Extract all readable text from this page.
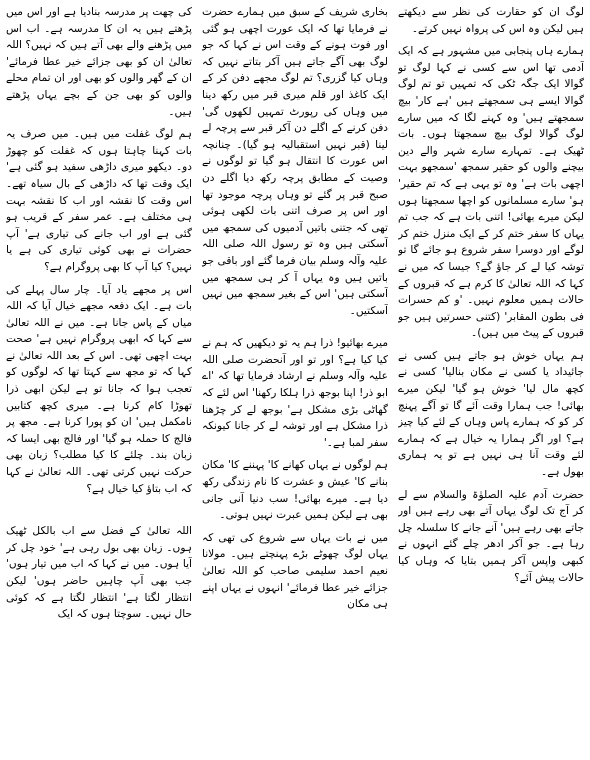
لوگ ان کو حقارت کی نظر سے دیکھتے ہیں لیکن وہ اس کی پرواہ نہیں کرتے۔

ہمارے ہاں پنجابی میں مشہور ہے کہ ایک آدمی تھا اس سے کسی نے کہا لوگ تو گوالا ایک جگہ ٹکی کہ تمہیں تو تم لوگ گوالا ایسے ہی سمجھتے ہیں 'ہے کار' بیچ سمجھتے ہیں' وہ کہنے لگا کہ میں سارے لوگ گوالا لوگ بیچ سمجھتا ہوں۔ بات ٹھیک ہے۔ تمہارے سارے شہر والے دین بیچنے والوں کو حقیر سمجھ 'سمجھو بہت اچھی بات ہے' وہ تو یہی ہے کہ تم حقیر' ہو' سارے مسلمانوں کو اچھا سمجھتا ہوں لیکن میرے بھائی! اتنی بات ہے کہ جب تم یہاں کا سفر ختم کر کے ایک منزل ختم کر لوگے اور دوسرا سفر شروع ہو جائے گا تو توشہ کیا لے کر جاؤ گے؟ جیسا کہ میں نے کہا کہ اللہ تعالیٰ کا کرم ہے کہ قبروں کے حالات ہمیں معلوم نہیں۔ 'و کم حسرات فی بطون المقابر' (کتنی حسرتیں ہیں جو قبروں کے پیٹ میں ہیں)۔

ہم یہاں خوش ہو جاتے ہیں کسی نے جائیداد یا کسی نے مکان بنالیا' کسی نے کچھ مال لیا' خوش ہو گیا' لیکن میرے بھائی! جب ہمارا وقت آئے گا تو آگے پہنچ کر کو کہ ہمارے پاس وہاں کے لئے کیا چیز ہے؟ اور اگر ہمارا یہ خیال ہے کہ ہمارے لئے وقت آنا ہی نہیں ہے تو یہ ہماری بھول ہے۔

حضرت آدم علیہ الصلوٰۃ والسلام سے لے کر آج تک لوگ یہاں آتے بھی رہے ہیں اور جاتے بھی رہے ہیں' آنے جانے کا سلسلہ چل رہا ہے۔ جو آکر ادھر چلے گئے انہوں نے کبھی واپس آکر ہمیں بتایا کہ وہاں کیا حالات پیش آئے؟

بخاری شریف کے سبق میں ہمارے حضرت نے فرمایا تھا کہ ایک عورت اچھی ہو گئی اور فوت ہونے کے وقت اس نے کہا کہ جو لوگ بھی آگے جاتے ہیں آکر بتاتے نہیں کہ وہاں کیا گزری؟ تم لوگ مجھے دفن کر کے ایک کاغذ اور قلم میری قبر میں رکھ دینا میں وہاں کی رپورٹ تمہیں لکھوں گی' دفن کرنے کے اگلے دن آکر قبر سے پرچہ لے لینا (قبر نہیں استقبالیہ ہو گیا)۔ چنانچہ اس عورت کا انتقال ہو گیا تو لوگوں نے وصیت کے مطابق پرچہ رکھ دیا اگلے دن صبح قبر پر گئے تو وہاں پرچہ موجود تھا اور اس پر صرف اتنی بات لکھی ہوئی تھی کہ جتنی باتیں آدمیوں کی سمجھ میں آسکتی ہیں وہ تو رسول اللہ صلی اللہ علیہ وآلہ وسلم بیان فرما گئے اور باقی جو باتیں ہیں وہ یہاں آ کر ہی سمجھ میں آسکتی ہیں' اس کے بغیر سمجھ میں نہیں آسکتیں۔

میرے بھائیو! ذرا ہم یہ تو دیکھیں کہ ہم نے کیا کیا ہے؟ اور تو اور آنحضرت صلی اللہ علیہ وآلہ وسلم نے ارشاد فرمایا تھا کہ 'اے ابو ذر! اپنا بوجھ ذرا ہلکا رکھنا' اس لئے کہ گھاٹی بڑی مشکل ہے' بوجھ لے کر چڑھنا ذرا مشکل ہے اور توشہ لے کر جانا کیونکہ سفر لمبا ہے۔'

ہم لوگوں نے یہاں کھانے کا' پہننے کا' مکان بنانے کا' عیش و عشرت کا نام زندگی رکھ دیا ہے۔ میرے بھائی! سب دنیا آنی جانی بھی ہے لیکن ہمیں عبرت نہیں ہوتی۔

میں نے بات یہاں سے شروع کی تھی کہ یہاں لوگ چھوٹے بڑے پہنچتے ہیں۔ مولانا نعیم احمد سلیمی صاحب کو اللہ تعالیٰ جزائے خیر عطا فرمائے' انہوں نے یہاں اپنے ہی مکان

کی چھت پر مدرسہ بنادیا ہے اور اس میں پڑھتے ہیں یہ ان کا مدرسہ ہے۔ اب اس میں پڑھنے والے بھی آتے ہیں کہ نہیں؟ اللہ تعالیٰ ان کو بھی جزائے خیر عطا فرمائے' ان کے گھر والوں کو بھی اور ان تمام محلے والوں کو بھی جن کے بچے یہاں پڑھتے ہیں۔

ہم لوگ غفلت میں ہیں۔ میں صرف یہ بات کہنا چاہتا ہوں کہ غفلت کو چھوڑ دو۔ دیکھو میری داڑھی سفید ہو گئی ہے' ایک وقت تھا کہ داڑھی کے بال سیاہ تھے۔ اس وقت کا نقشہ اور اب کا نقشہ بہت ہی مختلف ہے۔ عمر سفر کے قریب ہو گئی ہے اور اب جانے کی تیاری ہے' آپ حضرات نے بھی کوئی تیاری کی ہے یا نہیں؟ کیا آپ کا بھی پروگرام ہے؟

اس پر مجھے یاد آیا۔ چار سال پہلے کی بات ہے۔ ایک دفعہ مجھے خیال آیا کہ اللہ میاں کے پاس جانا ہے۔ میں نے اللہ تعالیٰ سے کہا کہ ابھی پروگرام نہیں ہے' صحت بہت اچھی تھی۔ اس کے بعد اللہ تعالیٰ نے کہا کہ تو مجھ سے کہتا تھا کہ لوگوں کو تعجب ہوا کہ جانا تو ہے لیکن ابھی ذرا تھوڑا کام کرنا ہے۔ میری کچھ کتابیں نامکمل ہیں' ان کو پورا کرنا ہے۔ مجھ پر فالج کا حملہ ہو گیا' اور فالج بھی ایسا کہ زبان بند۔ چلئے کا کیا مطلب؟ زبان بھی حرکت نہیں کرتی تھی۔ اللہ تعالیٰ نے کہا کہ اب بتاؤ کیا خیال ہے؟

اللہ تعالیٰ کے فضل سے اب بالکل ٹھیک ہوں۔ زبان بھی بول رہی ہے' خود چل کر آیا ہوں۔ میں نے کہا کہ اب میں تیار ہوں' جب بھی آپ چاہیں حاضر ہوں' لیکن انتظار لگتا ہے' انتظار لگتا ہے کہ کوئی حال نہیں۔ سوچتا ہوں کہ ایک
